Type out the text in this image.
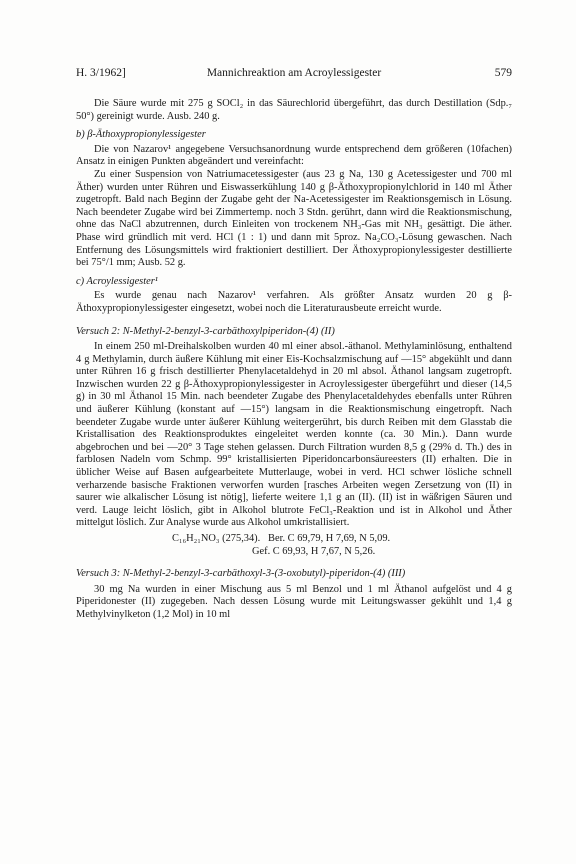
H. 3/1962]	Mannichreaktion am Acroylessigester	579

Die Säure wurde mit 275 g SOCl₂ in das Säurechlorid übergeführt, das durch Destillation (Sdp.₇ 50°) gereinigt wurde. Ausb. 240 g.

b) β-Äthoxypropionylessigester

Die von Nazarov¹ angegebene Versuchsanordnung wurde entsprechend dem größeren (10fachen) Ansatz in einigen Punkten abgeändert und vereinfacht:

Zu einer Suspension von Natriumacetessigester (aus 23 g Na, 130 g Acetessigester und 700 ml Äther) wurden unter Rühren und Eiswasserkühlung 140 g β-Äthoxypropionylchlorid in 140 ml Äther zugetropft. Bald nach Beginn der Zugabe geht der Na-Acetessigester im Reaktionsgemisch in Lösung. Nach beendeter Zugabe wird bei Zimmertemp. noch 3 Stdn. gerührt, dann wird die Reaktionsmischung, ohne das NaCl abzutrennen, durch Einleiten von trockenem NH₃-Gas mit NH₃ gesättigt. Die äther. Phase wird gründlich mit verd. HCl (1 : 1) und dann mit 5proz. Na₂CO₃-Lösung gewaschen. Nach Entfernung des Lösungsmittels wird fraktioniert destilliert. Der Äthoxypropionylessigester destillierte bei 75°/1 mm; Ausb. 52 g.

c) Acroylessigester¹

Es wurde genau nach Nazarov¹ verfahren. Als größter Ansatz wurden 20 g β-Äthoxypropionylessigester eingesetzt, wobei noch die Literaturausbeute erreicht wurde.

Versuch 2: N-Methyl-2-benzyl-3-carbäthoxylpiperidon-(4) (II)

In einem 250 ml-Dreihalskolben wurden 40 ml einer absol.-äthanol. Methylaminlösung, enthaltend 4 g Methylamin, durch äußere Kühlung mit einer Eis-Kochsalzmischung auf —15° abgekühlt und dann unter Rühren 16 g frisch destillierter Phenylacetaldehyd in 20 ml absol. Äthanol langsam zugetropft. Inzwischen wurden 22 g β-Äthoxypropionylessigester in Acroylessigester übergeführt und dieser (14,5 g) in 30 ml Äthanol 15 Min. nach beendeter Zugabe des Phenylacetaldehydes ebenfalls unter Rühren und äußerer Kühlung (konstant auf —15°) langsam in die Reaktionsmischung eingetropft. Nach beendeter Zugabe wurde unter äußerer Kühlung weitergerührt, bis durch Reiben mit dem Glasstab die Kristallisation des Reaktionsproduktes eingeleitet werden konnte (ca. 30 Min.). Dann wurde abgebrochen und bei —20° 3 Tage stehen gelassen. Durch Filtration wurden 8,5 g (29% d. Th.) des in farblosen Nadeln vom Schmp. 99° kristallisierten Piperidoncarbonsäureesters (II) erhalten. Die in üblicher Weise auf Basen aufgearbeitete Mutterlauge, wobei in verd. HCl schwer lösliche schnell verharzende basische Fraktionen verworfen wurden [rasches Arbeiten wegen Zersetzung von (II) in saurer wie alkalischer Lösung ist nötig], lieferte weitere 1,1 g an (II). (II) ist in wäßrigen Säuren und verd. Lauge leicht löslich, gibt in Alkohol blutrote FeCl₃-Reaktion und ist in Alkohol und Äther mittelgut löslich. Zur Analyse wurde aus Alkohol umkristallisiert.

C₁₆H₂₁NO₃ (275,34).   Ber. C 69,79, H 7,69, N 5,09.

Gef. C 69,93, H 7,67, N 5,26.

Versuch 3: N-Methyl-2-benzyl-3-carbäthoxyl-3-(3-oxobutyl)-piperidon-(4) (III)

30 mg Na wurden in einer Mischung aus 5 ml Benzol und 1 ml Äthanol aufgelöst und 4 g Piperidonester (II) zugegeben. Nach dessen Lösung wurde mit Leitungswasser gekühlt und 1,4 g Methylvinylketon (1,2 Mol) in 10 ml
